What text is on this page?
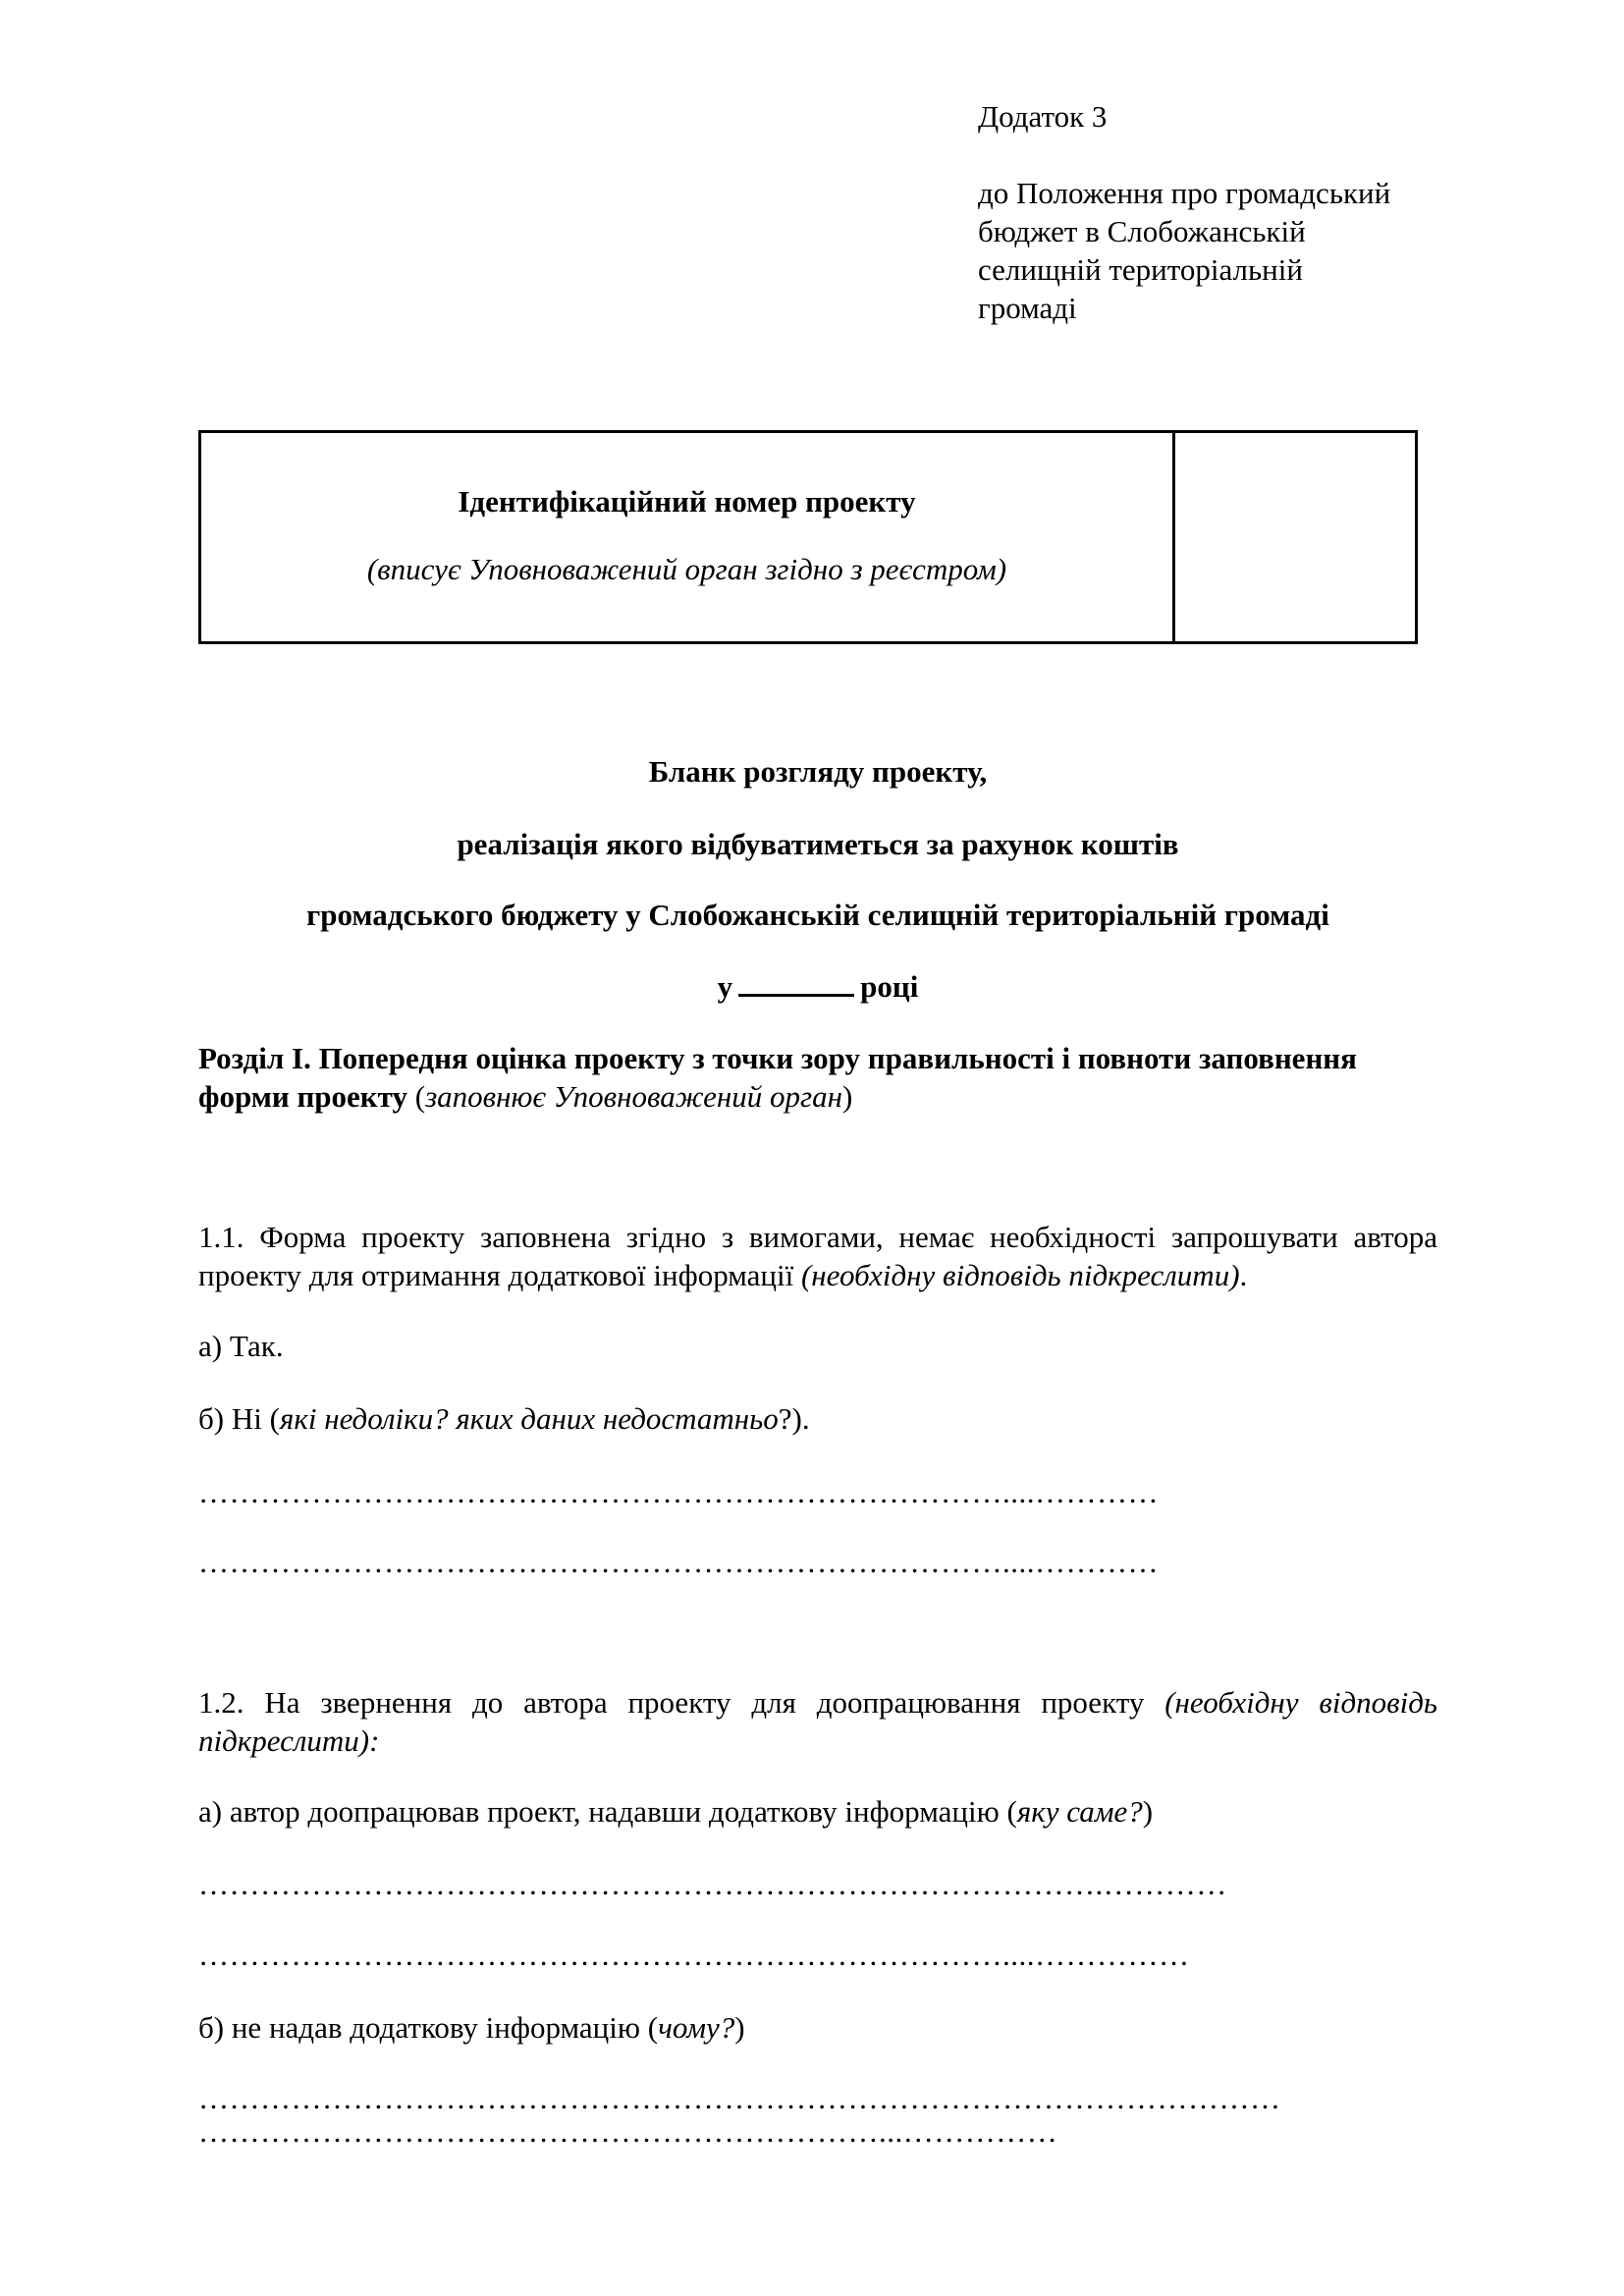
Додаток 3
до Положення про громадський
бюджет в Слобожанській
селищній територіальній
громаді
Ідентифікаційний номер проекту
(вписує Уповноважений орган згідно з реєстром)
Бланк розгляду проекту,
реалізація якого відбуватиметься за рахунок коштів
громадського бюджету у Слобожанській селищній територіальній громаді
у	році
Розділ І. Попередня оцінка проекту з точки зору правильності і повноти заповнення форми проекту (заповнює Уповноважений орган)
1.1. Форма проекту заповнена згідно з вимогами, немає необхідності запрошувати автора проекту для отримання додаткової інформації (необхідну відповідь підкреслити).
а) Так.
б) Ні (які недоліки? яких даних недостатньо?).
……………………………………………………………………....…………
……………………………………………………………………....…………
1.2. На звернення до автора проекту для доопрацювання проекту (необхідну відповідь підкреслити):
а) автор доопрацював проект, надавши додаткову інформацію (яку саме?)
…………………………………………………………………………….…………
……………………………………………………………………....……………
б) не надав додаткову інформацію (чому?)
……………………………………………………………………………………………
…………………………………………………………...……………
